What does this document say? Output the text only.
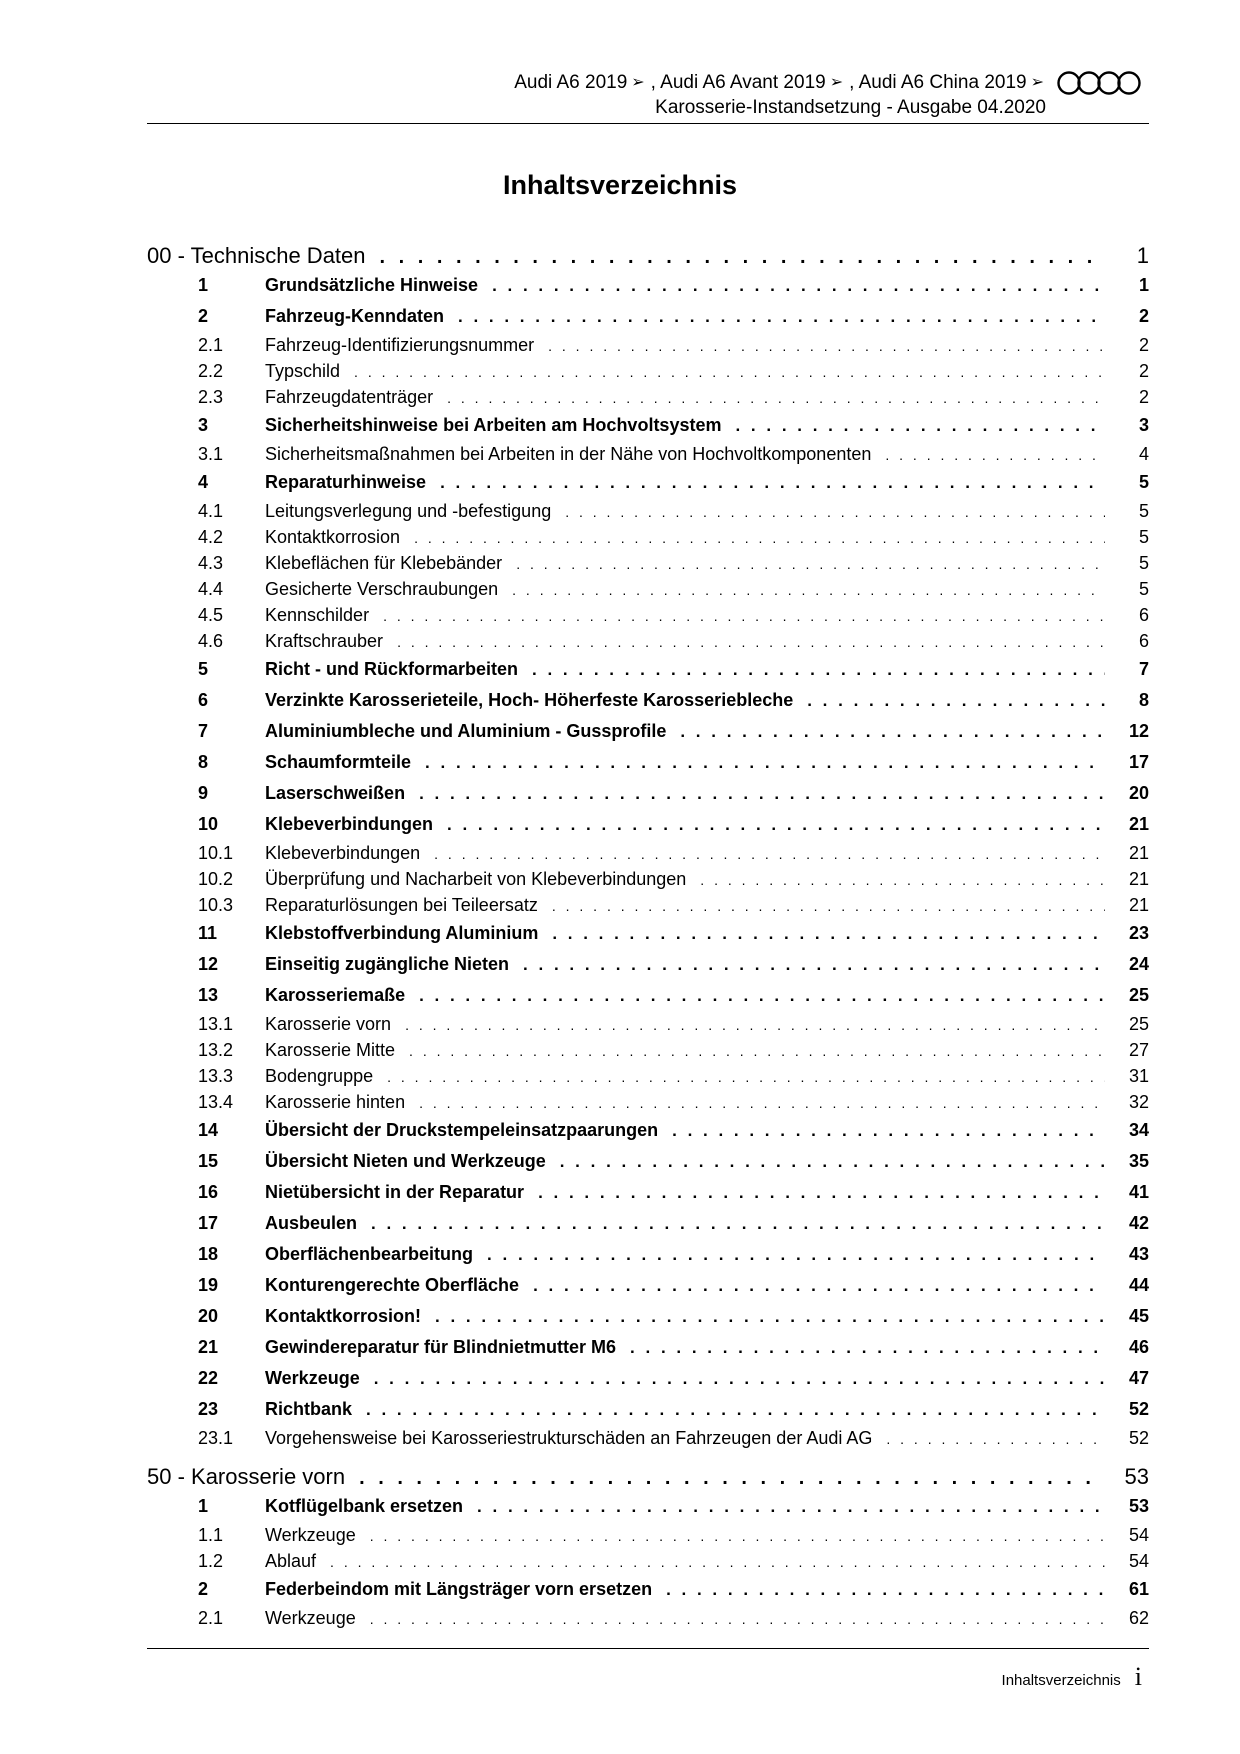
Audi A6 2019 ➢ , Audi A6 Avant 2019 ➢ , Audi A6 China 2019 ➢
Karosserie-Instandsetzung - Ausgabe 04.2020
Inhaltsverzeichnis
00 - Technische Daten . . .	1
1	Grundsätzliche Hinweise . . .	1
2	Fahrzeug-Kenndaten . . .	2
2.1	Fahrzeug-Identifizierungsnummer . . .	2
2.2	Typschild . . .	2
2.3	Fahrzeugdatenträger . . .	2
3	Sicherheitshinweise bei Arbeiten am Hochvoltsystem . . .	3
3.1	Sicherheitsmaßnahmen bei Arbeiten in der Nähe von Hochvoltkomponenten . . .	4
4	Reparaturhinweise . . .	5
4.1	Leitungsverlegung und -befestigung . . .	5
4.2	Kontaktkorrosion . . .	5
4.3	Klebeflächen für Klebebänder . . .	5
4.4	Gesicherte Verschraubungen . . .	5
4.5	Kennschilder . . .	6
4.6	Kraftschrauber . . .	6
5	Richt - und Rückformarbeiten . . .	7
6	Verzinkte Karosserieteile, Hoch- Höherfeste Karosseriebleche . . .	8
7	Aluminiumbleche und Aluminium - Gussprofile . . .	12
8	Schaumformteile . . .	17
9	Laserschweißen . . .	20
10	Klebeverbindungen . . .	21
10.1	Klebeverbindungen . . .	21
10.2	Überprüfung und Nacharbeit von Klebeverbindungen . . .	21
10.3	Reparaturlösungen bei Teileersatz . . .	21
11	Klebstoffverbindung Aluminium . . .	23
12	Einseitig zugängliche Nieten . . .	24
13	Karosseriemaße . . .	25
13.1	Karosserie vorn . . .	25
13.2	Karosserie Mitte . . .	27
13.3	Bodengruppe . . .	31
13.4	Karosserie hinten . . .	32
14	Übersicht der Druckstempeleinsatzpaarungen . . .	34
15	Übersicht Nieten und Werkzeuge . . .	35
16	Nietübersicht in der Reparatur . . .	41
17	Ausbeulen . . .	42
18	Oberflächenbearbeitung . . .	43
19	Konturengerechte Oberfläche . . .	44
20	Kontaktkorrosion! . . .	45
21	Gewindereparatur für Blindnietmutter M6 . . .	46
22	Werkzeuge . . .	47
23	Richtbank . . .	52
23.1	Vorgehensweise bei Karosseriestrukturschäden an Fahrzeugen der Audi AG . . .	52
50 - Karosserie vorn . . .	53
1	Kotflügelbank ersetzen . . .	53
1.1	Werkzeuge . . .	54
1.2	Ablauf . . .	54
2	Federbeindom mit Längsträger vorn ersetzen . . .	61
2.1	Werkzeuge . . .	62
Inhaltsverzeichnis i
